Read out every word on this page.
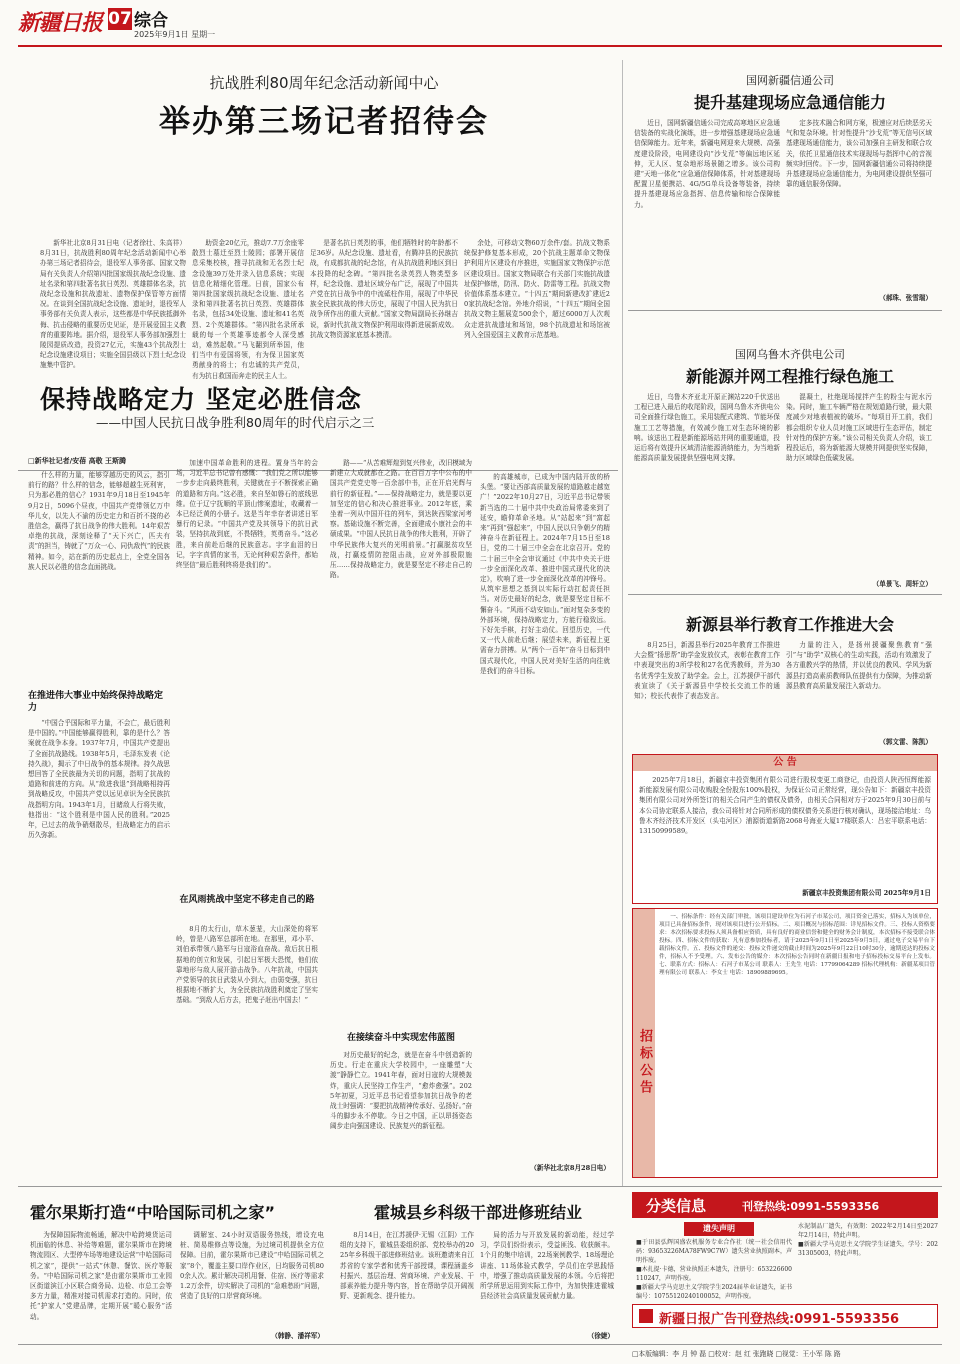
新疆日报 07 综合
2025年9月1日 星期一
抗战胜利80周年纪念活动新闻中心
举办第三场记者招待会

新华社北京8月31日电（记者徐壮、朱高祥）8月31日，抗战胜利80周年纪念活动新闻中心举办第三场记者招待会，退役军人事务部、国家文物局有关负责人介绍第四批国家级抗战纪念设施、遗址名录和第四批著名抗日英烈、英雄群体名录，抗战纪念设施和抗战遗址、遗物保护保管等方面情况。在谈到全国抗战纪念设施、遗址时，退役军人事务部有关负责人表示，这些都是中华民族抵御外侮、抗击侵略的重要历史见证，是开展爱国主义教育的重要阵地。据介绍，退役军人事务部加强烈士陵园提质改造，投资27亿元，实施43个抗战烈士纪念设施建设项目；实施全国县级以下烈士纪念设施集中管护。

助资金20亿元，推动7.7万余座零散烈士墓迁至烈士陵园；部署开展信息采集校核，搜寻抗战和无名烈士纪念设施39万处并录入信息系统；实现信息化精细化管理。日前，国家公布第四批国家级抗战纪念设施、遗址名录和第四批著名抗日英烈、英雄群体名录，包括34处设施、遗址和41名英烈、2个英雄群体。“第四批名录所承载的每一个英雄事迹都令人深受感动，难然起敬。”马飞翻到所举国，他们当中有爱国将领，有为保卫国家英勇献身的将士；有忠诚的共产党员，有为抗日救国而奔走的民主人士。

是著名抗日英烈的事，他们牺牲时的年龄都不足36岁。从纪念设施、遗址看，有腾冲县的民族抗战，有成都抗战的纪念馆，有从抗战胜利地区到日本投降的纪念碑。“第四批名录英烈人物类型多样，纪念设施、遗址区域分布广泛，展现了中国共产党在抗日战争中的中流砥柱作用，展现了中华民族全民族抗战的伟大历史，展现了中国人民为抗日战争所作出的重大贡献。”国家文物局副局长孙继吉说，新时代抗战文物保护利用取得新进展新成效。抗战文物资源家底基本摸清。

余处，可移动文物60万余件/套。抗战文物系统保护修复基本形成，20个抗战主题革命文物保护利用片区建设有序推进，实施国家文物保护示范区建设项目。国家文物局联合有关部门实施抗战遗址保护修缮，防汛、防火、防雷等工程。抗战文物价值体系基本建立。“十四五”期间新建改扩建近20家抗战纪念馆。外地介绍说，“十四五”期间全国抗战文物主题展览500余个，超过6000万人次观众走进抗战遗址和场馆，98个抗战遗址和场馆被列入全国爱国主义教育示范基地。

保持战略定力 坚定必胜信念
——中国人民抗日战争胜利80周年的时代启示之三
□新华社记者/安蓓 高敬 王斯腾

什么样的力量，能够穿越历史的风云，指引前行的路？什么样的信念，能够超越生死利害，只为那必胜的信心？1931年9月18日至1945年9月2日，5096个昼夜，中国共产党带领亿万中华儿女，以先人不渝的历史定力和百折不挠的必胜信念，赢得了抗日战争的伟大胜利。14年艰苦卓绝的抗战，深刻诠释了“天下兴亡，匹夫有责”的担当，铸就了“万众一心、同仇敌忾”的民族精神。如今，站在新的历史起点上，全党全国各族人民以必胜的信念直面挑战。

在推进伟大事业中始终保持战略定力

“中国合乎国际和平力量，不会亡，最后胜利是中国的。”中国能够赢得胜利，靠的是什么？答案就在战争本身。1937年7月，中国共产党提出了全面抗战路线。1938年5月，毛泽东发表《论持久战》，揭示了中日战争的基本规律。持久战思想回答了全民族最为关切的问题，指明了抗战的道路和前进的方向。从“敌进我退”到战略相持再到战略反攻，中国共产党以远见卓识为全民族抗战指明方向。1943年1月，目睹敌人行将失败，他指出：“这个胜利是中国人民的胜利。”2025年，已过去的战争硝烟散尽，但战略定力的启示历久弥新。

加速中国革命胜利的进程。置身当年的会场，习近平总书记曾有感慨：“我们党之所以能够一步步走向最终胜利，关键就在于不断探索正确的道路和方向。”这必胜，来自坚如磐石的底线思维。位于辽宁抚顺的平顶山惨案遗址，收藏着一本已经泛黄的小册子。这是当年幸存者讲述日军暴行的记录。“中国共产党及其领导下的抗日武装，坚持抗战到底，不畏牺牲，英勇奋斗。”这必胜，来自前赴后继的民族意志。字字血泪的日记，字字真情的家书，无论何种艰苦条件，都始终坚信“最后胜利终将是我们的”。

在风雨挑战中坚定不移走自己的路

8月的太行山，草木葱茏，大山深处的将军岭，曾是八路军总部所在地。在那里，邓小平、刘伯承带领八路军与日寇浴血奋战。敌后抗日根据地的创立和发展，引起日军极大恐慌，他们依靠地形与敌人展开游击战争。八年抗战，中国共产党领导的抗日武装从小到大，由弱变强，抗日根据地不断扩大，为全民族抗战胜利奠定了坚实基础。“到敌人后方去，把鬼子赶出中国去！”

路——“从苦难辉煌到复兴伟业，改旧模域为新建立大成就都在之路。在百百万字中公布的中国共产党党史等一百余部中书，正在开启光辉与前行的新征程。”——保持战略定力，就是要以更加坚定的信心和决心推进事业。2012年底，乘坐着一列从中国开往的列车，到达陕西梁家河考察。基础设施不断完善，全面建成小康社会的丰硕成果。“中国人民抗日战争的伟大胜利，开辟了中华民族伟大复兴的光明前景。”打赢脱贫攻坚战，打赢疫情防控阻击战，应对外部极限施压……保持战略定力，就是要坚定不移走自己的路。

在接续奋斗中实现宏伟蓝图

对历史最好的纪念，就是在奋斗中创造新的历史。行走在重庆大学校园中，一座雕塑“大渡”静静伫立。1941年春，面对日寇的大规模轰炸，重庆人民坚持工作生产，“愈炸愈强”。2025年初夏，习近平总书记看望参加抗日战争的老战士时强调：“要把抗战精神传承好、弘扬好。”奋斗的脚步永不停歇。今日之中国，正以昂扬姿态阔步走向强国建设、民族复兴的新征程。

的高雄城市，已成为中国内陆开放的桥头堡。“要让西部高质量发展的道路越走越宽广！”2022年10月27日，习近平总书记带领新当选的二十届中共中央政治局常委来到了延安，瞻仰革命圣地。从“站起来”到“富起来”再到“强起来”，中国人民以只争朝夕的精神奋斗在新征程上。2024年7月15日至18日，党的二十届三中全会在北京召开。党的二十届三中全会审议通过《中共中央关于进一步全面深化改革、推进中国式现代化的决定》，吹响了进一步全面深化改革的冲锋号。从筑牢思想之基到以实际行动扛起责任担当。对历史最好的纪念，就是要坚定目标不懈奋斗。“风雨不动安如山。”面对复杂多变的外部环境，保持战略定力，方能行稳致远。下好先手棋，打好主动仗。回望历史，一代又一代人前赴后继；展望未来，新征程上更需奋力拼搏。从“两个一百年”奋斗目标到中国式现代化，中国人民对美好生活的向往就是我们的奋斗目标。

（新华社北京8月28日电）
国网新疆信通公司
提升基建现场应急通信能力

近日，国网新疆信通公司完成高寒地区应急通信装备的实战化演练，进一步增强基建现场应急通信保障能力。近年来，新疆电网迎来大规模、高强度建设阶段，电网建设向“沙戈荒”等偏远地区延伸，无人区、复杂地形场景随之增多。该公司构建“天地一体化”应急通信保障体系，针对基建现场配置卫星便携站、4G/5G单兵设备等装备，持续提升基建现场应急指挥、信息传输和综合保障能力。

定多技术融合和网方案，极速应对后续恶劣天气和复杂环境。针对性提升“沙戈荒”等无信号区域基建现场通信能力，该公司加强自主研发和联合攻关，依托卫星通信技术实现现场与指挥中心的音视频实时回传。下一步，国网新疆信通公司将持续提升基建现场应急通信能力，为电网建设提供坚强可靠的通信服务保障。

（郝珠、张雪瑞）
国网乌鲁木齐供电公司
新能源并网工程推行绿色施工

近日，乌鲁木齐亚北开原正渊站220千伏送出工程已进入最后的收尾阶段，国网乌鲁木齐供电公司全面推行绿色施工，采用装配式建筑、节能环保施工工艺等措施，有效减少施工对生态环境的影响。该送出工程是新能源场站并网的重要通道，投运后将有效提升区域清洁能源消纳能力，为当地新能源高质量发展提供坚强电网支撑。

混凝土，杜绝现场搅拌产生的粉尘与泥水污染。同时，施工车辆严格在规划道路行驶，最大限度减少对地表植被的破坏。“每项目开工前，我们都会组织专业人员对施工区域进行生态评估，制定针对性的保护方案。”该公司相关负责人介绍，该工程投运后，将为新能源大规模并网提供坚实保障，助力区域绿色低碳发展。

（单景飞、周轩立）
新源县举行教育工作推进大会

8月25日，新源县举行2025年教育工作推进大会暨“扬思帮”助学金发放仪式，表彰在教育工作中表现突出的3所学校和27名优秀教师，并为30名优秀学生发放了助学金。会上，江苏援伊干部代表宣读了《关于新源县中学校长交流工作的通知》；校长代表作了表态发言。

力量的注入，是扬州援疆聚焦教育“强引”与“助学”双核心的生动实践，活动有效激发了各方重教兴学的热情，并以优良的教风、学风为新源县打造高素质教师队伍提供有力保障，为推动新源县教育高质量发展注入新动力。

（郭文雷、陈凯）
公 告

2025年7月18日，新疆京丰投资集团有限公司进行股权变更工商登记，由投资人陕西恒辉能源新能源发展有限公司收购股全份股东100%股权，为保证公司正常经营，现公告如下：新疆京丰投资集团有限公司对外所签订的相关合同产生的债权及债务，由相关合同相对方于2025年9月30日前与本公司协定联系人接洽，我公司将针对合同所形成的债权债务关系进行核对确认，现场接洽地址：乌鲁木齐经济技术开发区（头屯河区）浦源街道新路2068号海亚大厦17楼联系人：吕宏平联系电话：13150999589。

新疆京丰投资集团有限公司 2025年9月1日
招标公告

一、招标条件：经有关部门审批，该项目建设单位为石河子市某公司，项目资金已落实，招标人为该单位，项目已具备招标条件，现对该项目进行公开招标。二、项目概况与招标范围：详见招标文件。三、投标人资格要求：本次招标要求投标人须具备相应资质，具有良好的商业信誉和健全的财务会计制度，本次招标不接受联合体投标。四、招标文件的获取：凡有意参加投标者，请于2025年9月1日至2025年9月5日，通过电子交易平台下载招标文件。五、投标文件的递交：投标文件递交的截止时间为2025年9月22日10时30分，逾期送达的投标文件，招标人不予受理。六、发布公告的媒介：本次招标公告同时在新疆日报和电子招标投标交易平台上发布。七、联系方式：招标人：石河子市某公司 联系人：王先生 电话：17799064289 招标代理机构：新疆某项目管理有限公司 联系人：李女士 电话：18909889695。

霍尔果斯打造“中哈国际司机之家”

为保障国际物流畅通，解决中哈跨境货运司机面临的休息、补给等难题，霍尔果斯市在跨境物流园区、大型停车场等地建设运营“中哈国际司机之家”，提供“一站式”休憩、餐饮、医疗等服务。“中哈国际司机之家”是由霍尔果斯市工业园区街道滨江小区联合商务局、边检、市总工会等多方力量，精准对接司机需求打造的。同时，依托“护家人”党建品牌，定期开展“暖心服务”活动。

调解室、24小时双语服务热线，增设充电桩、简易维修点等设施，为过境司机提供全方位保障。目前，霍尔果斯市已建设“中哈国际司机之家”8个，覆盖主要口岸作业区，日均服务司机800余人次。累计解决司机用餐、住宿、医疗等需求1.2万余件，切实解决了司机的“急难愁盼”问题，营造了良好的口岸营商环境。

（韩静、潘祥军）
霍城县乡科级干部进修班结业

8月14日，在江苏援伊·无锡（江阴）工作组的支持下，霍城县委组织部、党校举办的2025年乡科级干部进修班结业。该班邀请来自江苏省的专家学者和优秀干部授课，课程涵盖乡村振兴、基层治理、营商环境、产业发展、干部素养能力提升等内容，旨在帮助学员开阔视野、更新观念、提升能力。

局的活力与开放发展的新动能，经过学习，学员们纷纷表示，受益匪浅、收获颇丰。1个月的集中培训，22场案例教学、18场理论讲座、11场体验式教学，学员们在学思践悟中，增强了推动高质量发展的本领。今后将把所学所思运用到实际工作中，为加快推进霍城县经济社会高质量发展贡献力量。

（徐婕）
分类信息	刊登热线:0991-5593356
遗失声明
■于田县弘辉国盛农机服务专业合作社（统一社会信用代码：93653226MA78FW9C7W）遗失营业执照副本，声明作废。
■木扎提·卡德，营业执照正本遗失，注册号：653226600110247，声明作废。
■新疆大学马克思主义学院学生2024届毕业证遗失，证书编号：10755120240100052，声明作废。
水泥制品厂遗失，有效期：2022年2月14日至2027年2月14日，特此声明。
■新疆大学马克思主义学院学生证遗失，学号：20231305003，特此声明。
新疆日报广告刊登热线:0991-5593356
□本版编辑：李 月 钟 磊 □校对：赵 红 张跑晓 □视觉：王小军 陈 路
